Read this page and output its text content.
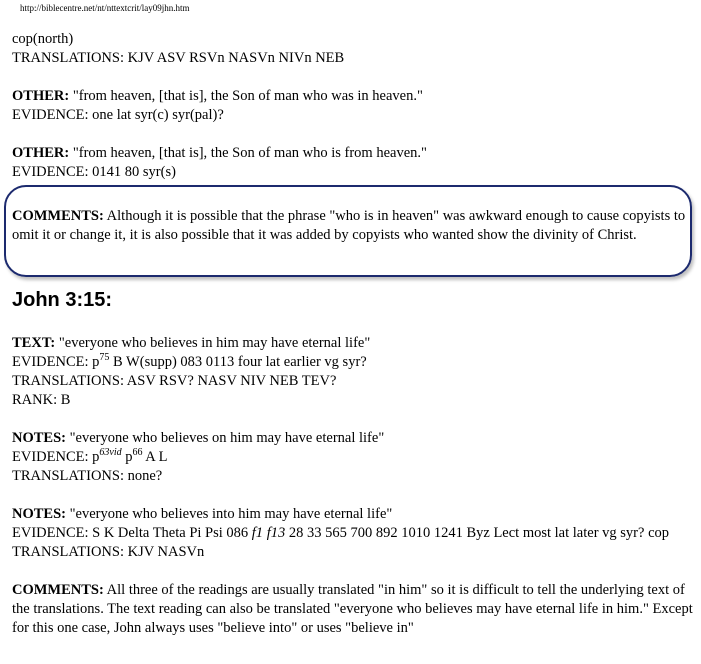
http://biblecentre.net/nt/nttextcrit/lay09jhn.htm
cop(north)
TRANSLATIONS: KJV ASV RSVn NASVn NIVn NEB
OTHER: "from heaven, [that is], the Son of man who was in heaven."
EVIDENCE: one lat syr(c) syr(pal)?
OTHER: "from heaven, [that is], the Son of man who is from heaven."
EVIDENCE: 0141 80 syr(s)
COMMENTS: Although it is possible that the phrase "who is in heaven" was awkward enough to cause copyists to omit it or change it, it is also possible that it was added by copyists who wanted show the divinity of Christ.
John 3:15:
TEXT: "everyone who believes in him may have eternal life"
EVIDENCE: $p^{75}$ B W(supp) 083 0113 four lat earlier vg syr?
TRANSLATIONS: ASV RSV? NASV NIV NEB TEV?
RANK: B
NOTES: "everyone who believes on him may have eternal life"
EVIDENCE: $p^{63vid}$ $p^{66}$ A L
TRANSLATIONS: none?
NOTES: "everyone who believes into him may have eternal life"
EVIDENCE: S K Delta Theta Pi Psi 086 f1 f13 28 33 565 700 892 1010 1241 Byz Lect most lat later vg syr? cop
TRANSLATIONS: KJV NASVn
COMMENTS: All three of the readings are usually translated "in him" so it is difficult to tell the underlying text of the translations. The text reading can also be translated "everyone who believes may have eternal life in him." Except for this one case, John always uses "believe into" or uses "believe in"
